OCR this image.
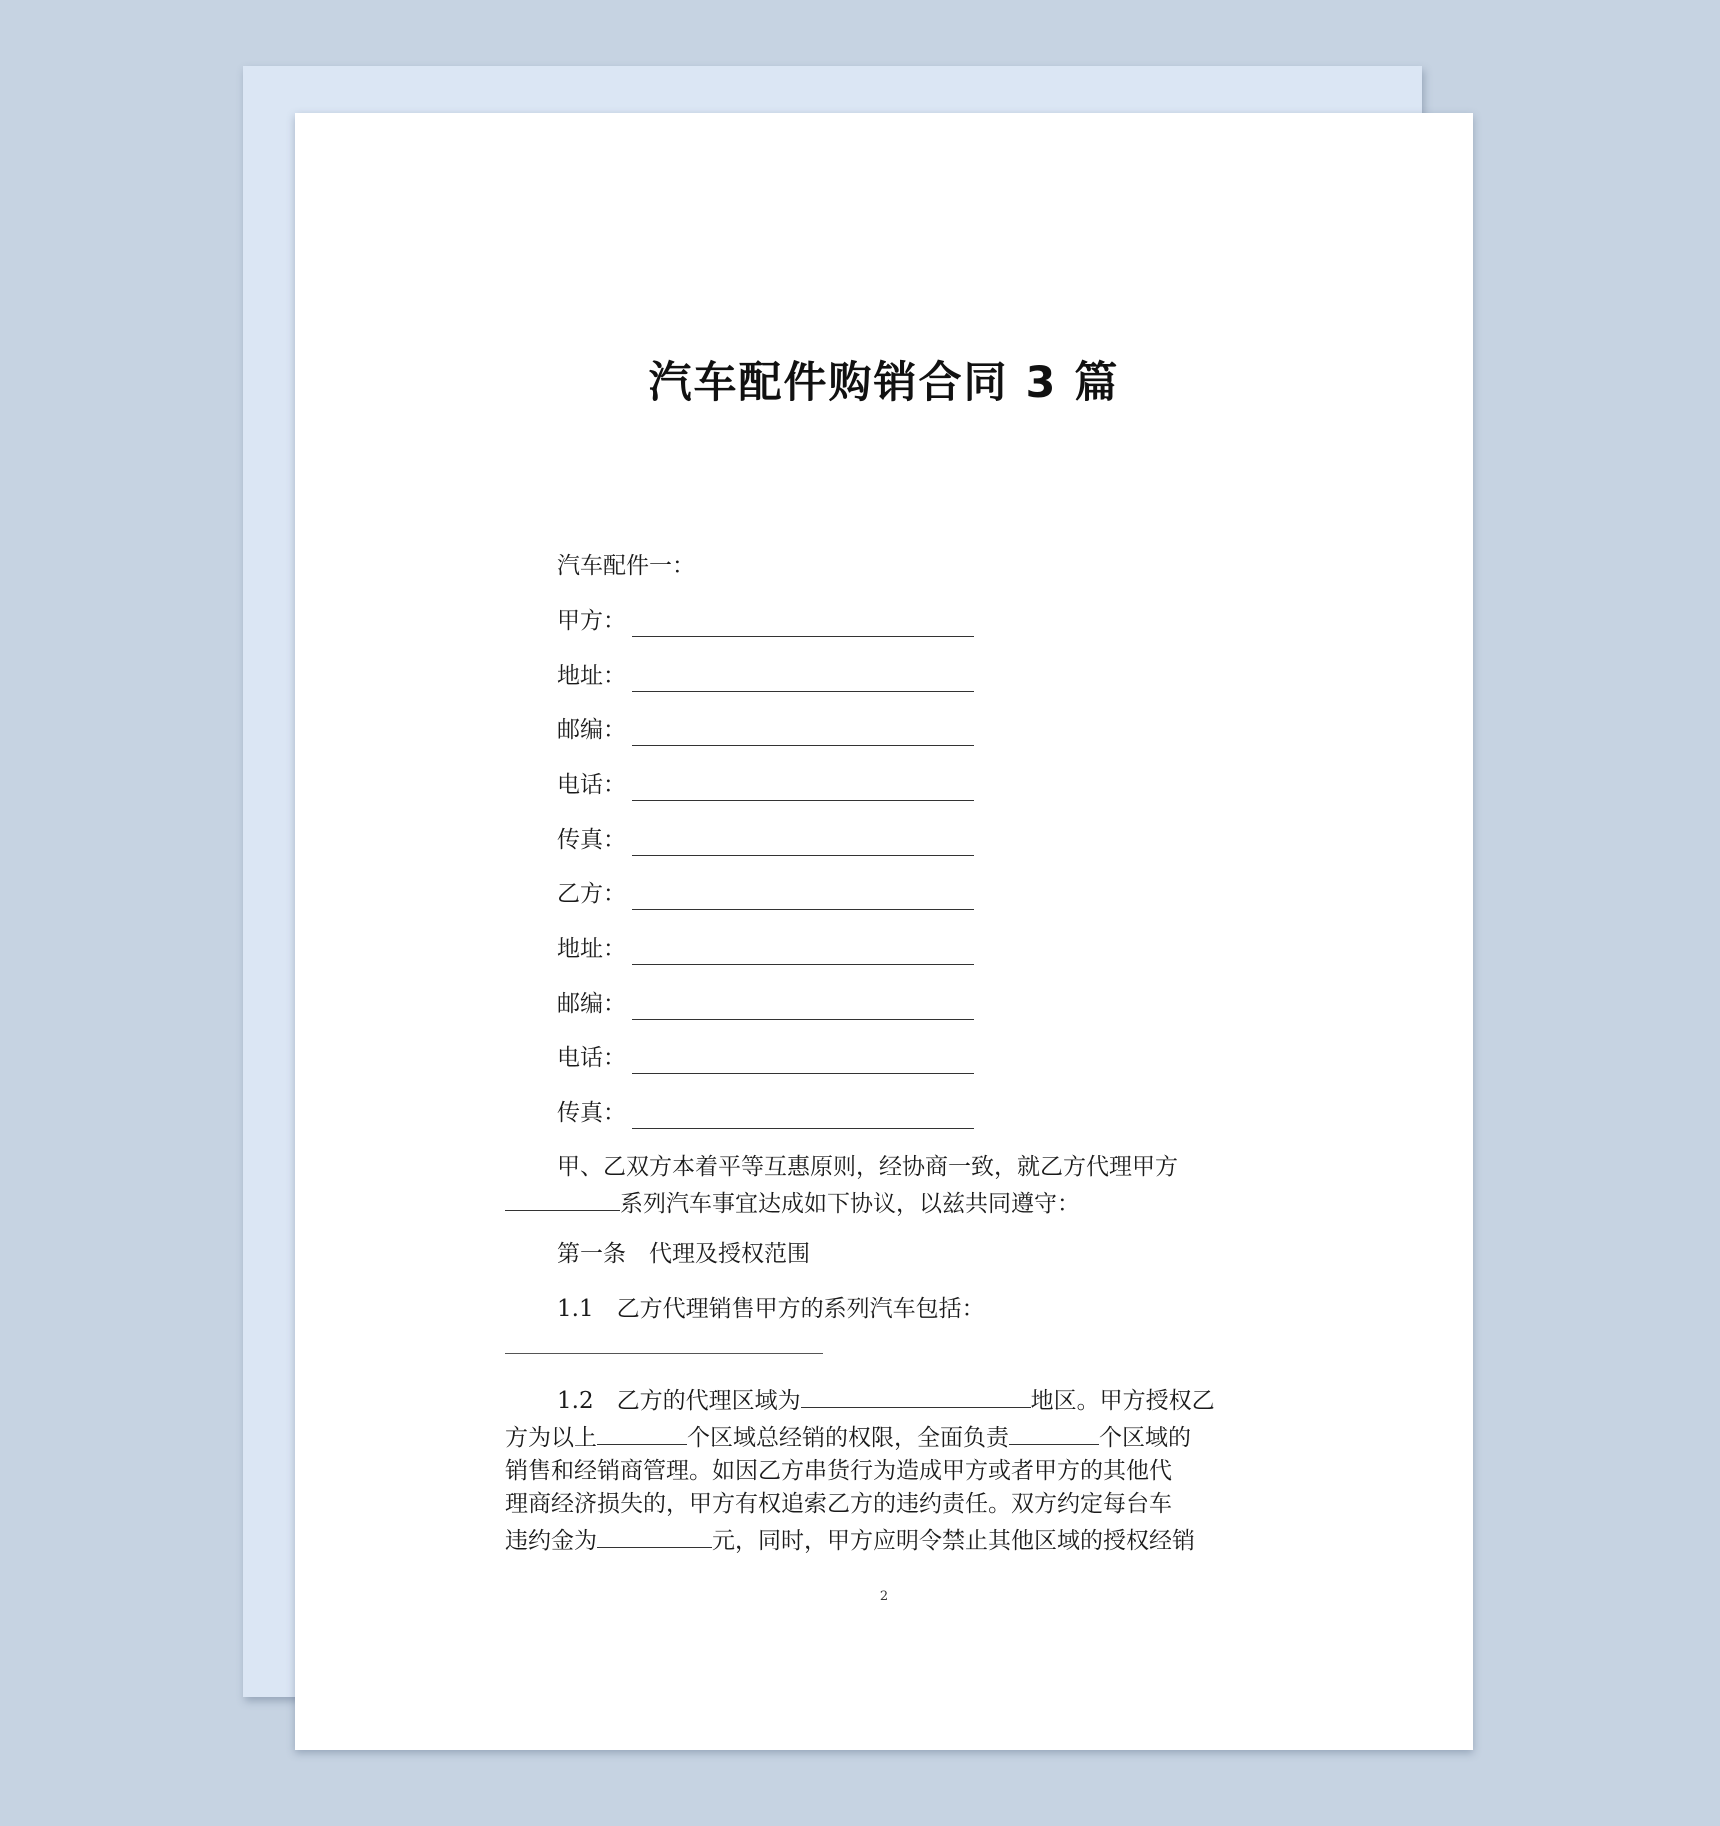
汽车配件购销合同 3 篇
汽车配件一：
甲方：
地址：
邮编：
电话：
传真：
乙方：
地址：
邮编：
电话：
传真：
甲、乙双方本着平等互惠原则，经协商一致，就乙方代理甲方
系列汽车事宜达成如下协议，以兹共同遵守：
第一条　代理及授权范围
1.1　乙方代理销售甲方的系列汽车包括：
1.2　乙方的代理区域为	地区。甲方授权乙
方为以上	个区域总经销的权限，全面负责	个区域的
销售和经销商管理。如因乙方串货行为造成甲方或者甲方的其他代
理商经济损失的，甲方有权追索乙方的违约责任。双方约定每台车
违约金为	元，同时，甲方应明令禁止其他区域的授权经销
2
